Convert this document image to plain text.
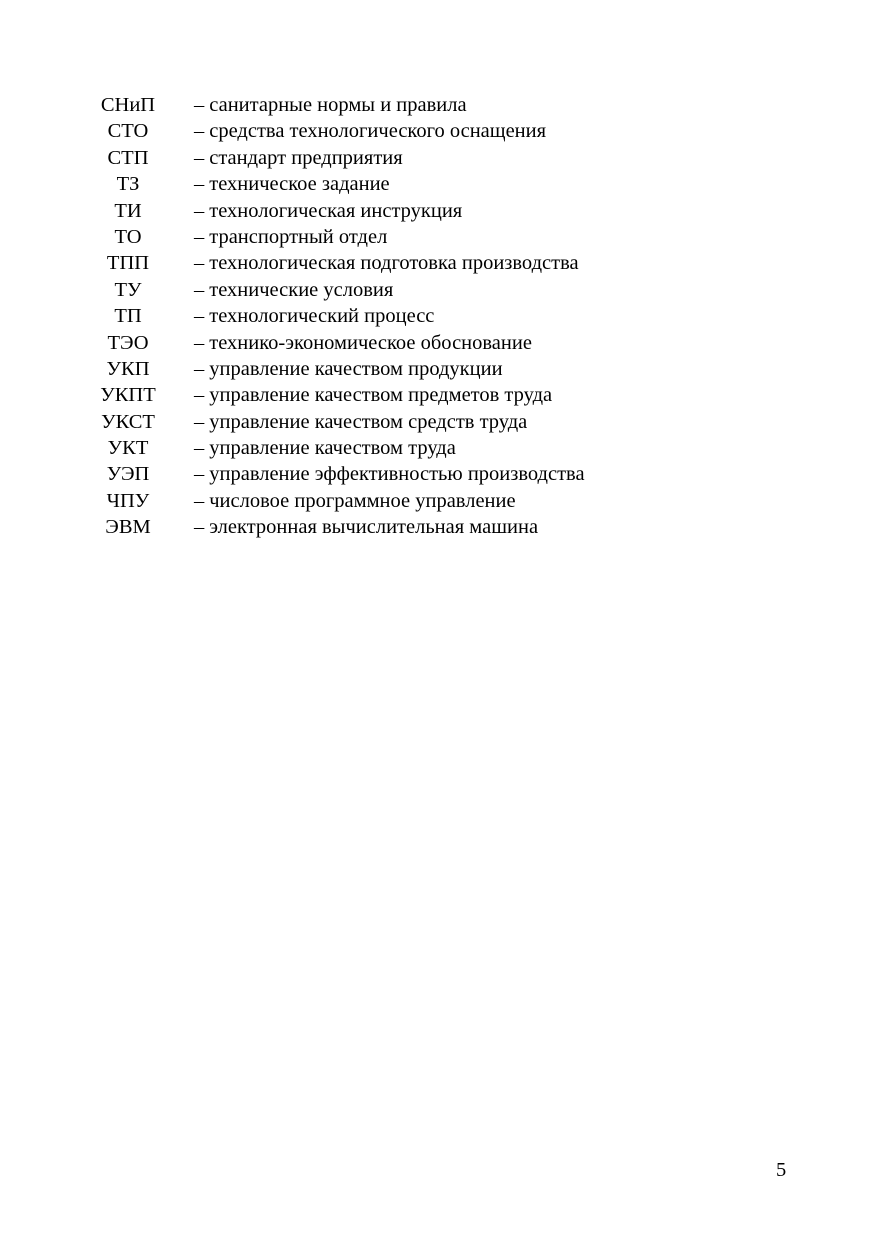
СНиП – санитарные нормы и правила
СТО	– средства технологического оснащения
СТП	– стандарт предприятия
ТЗ	– техническое задание
ТИ	– технологическая инструкция
ТО	– транспортный отдел
ТПП	– технологическая подготовка производства
ТУ	– технические условия
ТП	– технологический процесс
ТЭО	– технико-экономическое обоснование
УКП	– управление качеством продукции
УКПТ – управление качеством предметов труда
УКСТ – управление качеством средств труда
УКТ	– управление качеством труда
УЭП	– управление эффективностью производства
ЧПУ	– числовое программное управление
ЭВМ	– электронная вычислительная машина
5
